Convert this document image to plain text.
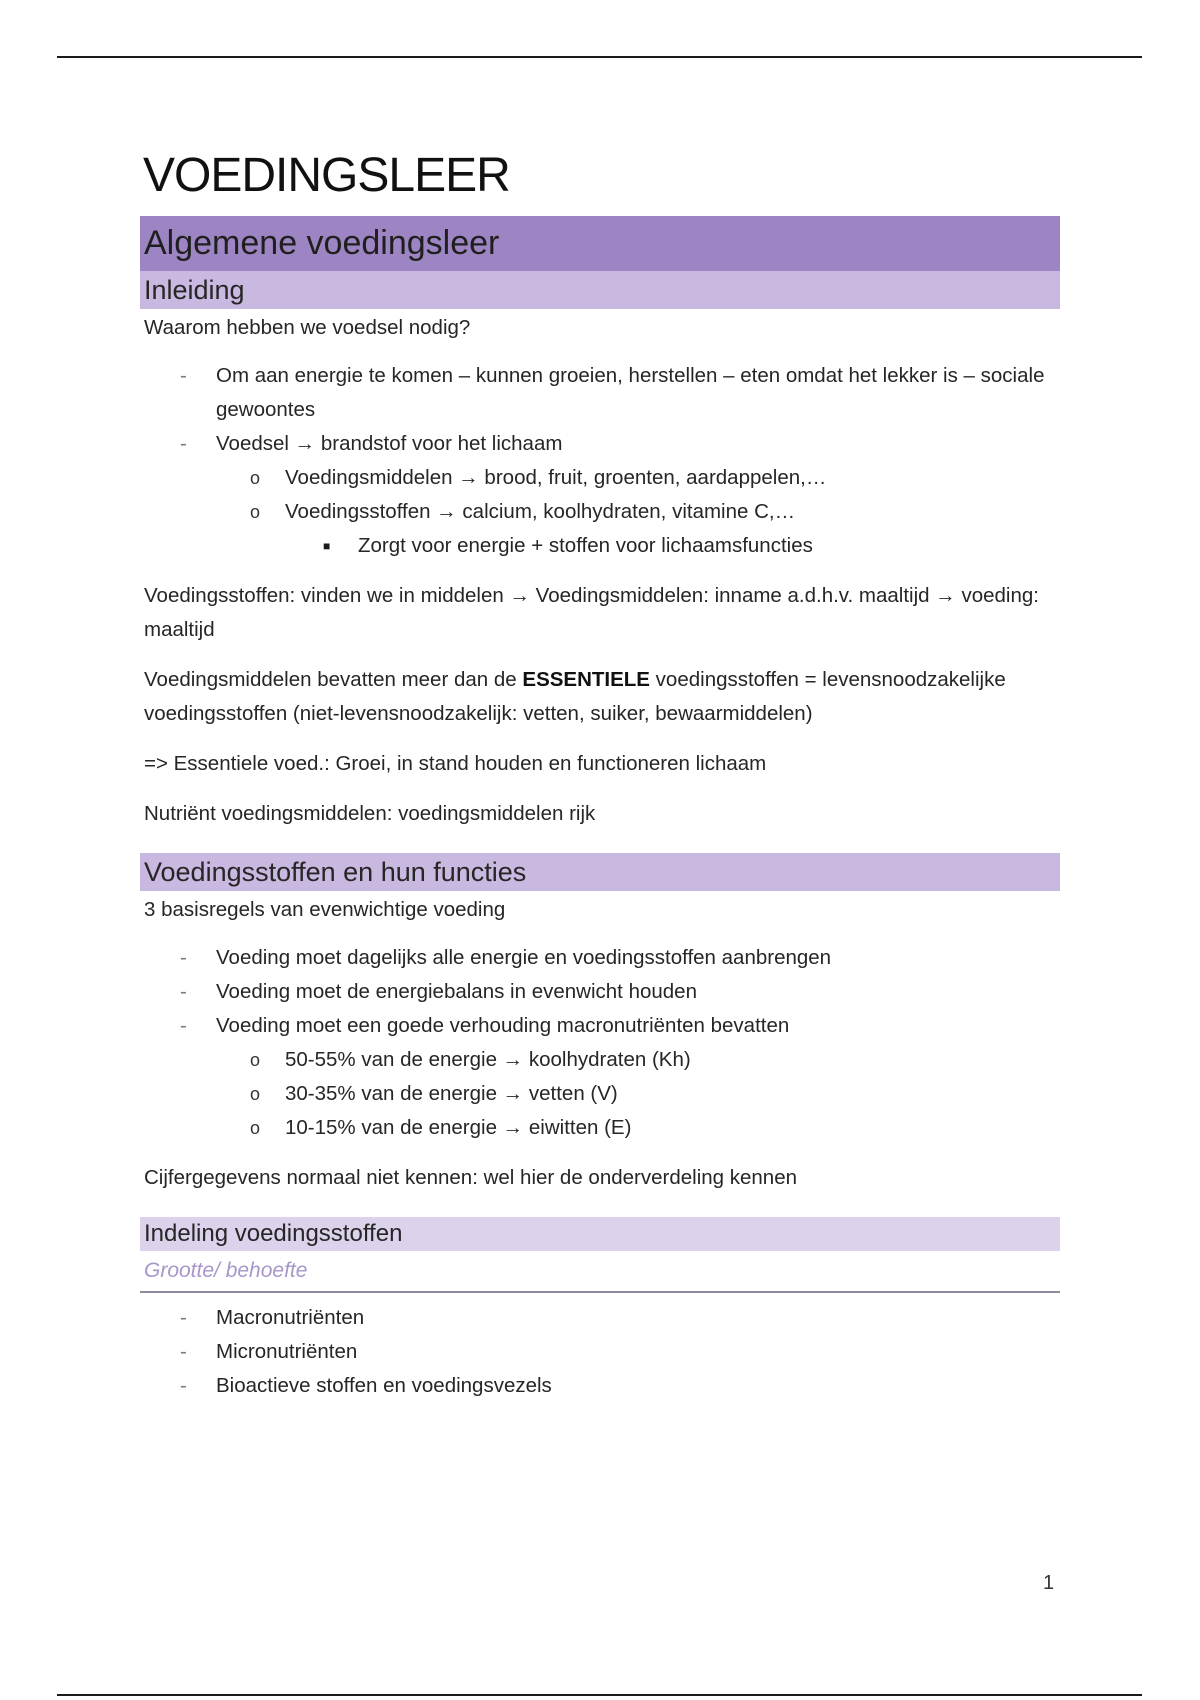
VOEDINGSLEER
Algemene voedingsleer
Inleiding

Waarom hebben we voedsel nodig?

- Om aan energie te komen – kunnen groeien, herstellen – eten omdat het lekker is – sociale gewoontes
- Voedsel → brandstof voor het lichaam
o Voedingsmiddelen → brood, fruit, groenten, aardappelen,…
o Voedingsstoffen → calcium, koolhydraten, vitamine C,…
■ Zorgt voor energie + stoffen voor lichaamsfuncties

Voedingsstoffen: vinden we in middelen → Voedingsmiddelen: inname a.d.h.v. maaltijd → voeding: maaltijd

Voedingsmiddelen bevatten meer dan de ESSENTIELE voedingsstoffen = levensnoodzakelijke voedingsstoffen (niet-levensnoodzakelijk: vetten, suiker, bewaarmiddelen)

=> Essentiele voed.: Groei, in stand houden en functioneren lichaam

Nutriënt voedingsmiddelen: voedingsmiddelen rijk

Voedingsstoffen en hun functies

3 basisregels van evenwichtige voeding

- Voeding moet dagelijks alle energie en voedingsstoffen aanbrengen
- Voeding moet de energiebalans in evenwicht houden
- Voeding moet een goede verhouding macronutriënten bevatten
o 50-55% van de energie → koolhydraten (Kh)
o 30-35% van de energie → vetten (V)
o 10-15% van de energie → eiwitten (E)

Cijfergegevens normaal niet kennen: wel hier de onderverdeling kennen

Indeling voedingsstoffen
Grootte/ behoefte
- Macronutriënten
- Micronutriënten
- Bioactieve stoffen en voedingsvezels
1
